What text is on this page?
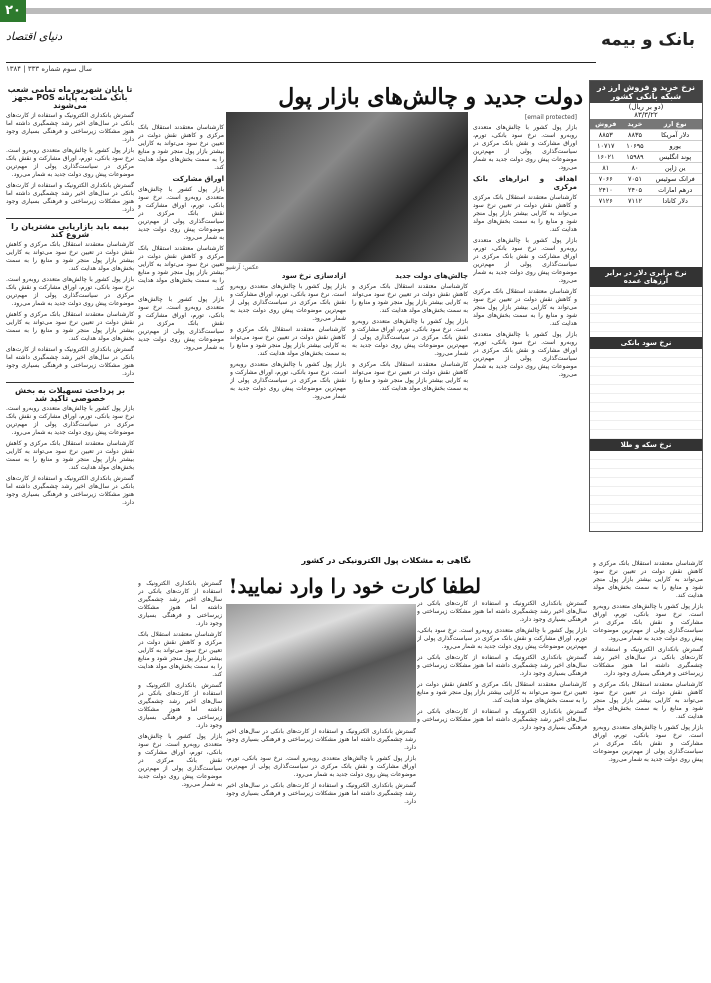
۲۰
بانک و بیمه
دنیای اقتصاد
سال سوم شماره ۳۳۳ | ۱۳۸۴
نرخ خرید و فروش ارز در شبکه بانکی کشور
(دو بر ریال)
۸۳/۳/۲۲
نوع ارز	خرید	فروش
دلار آمریکا	۸۸۳۵	۸۸۵۳
یورو	۱۰۶۹۵	۱۰۷۱۷
پوند انگلیس	۱۵۹۸۹	۱۶۰۲۱
ین ژاپن	۸۰	۸۱
فرانک سوئیس	۷۰۵۱	۷۰۶۶
درهم امارات	۲۴۰۵	۲۴۱۰
دلار کانادا	۷۱۱۲	۷۱۲۶
نرخ برابری دلار در برابر ارزهای عمده
نرخ سود بانکی
نرخ سکه و طلا
دولت جدید و چالش‌های بازار پول
عکس: آرشیو
[email protected]

بازار پول کشور با چالش‌های متعددی روبه‌رو است. نرخ سود بانکی، تورم، اوراق مشارکت و نقش بانک مرکزی در سیاست‌گذاری پولی از مهم‌ترین موضوعات پیش روی دولت جدید به شمار می‌رود.

اهداف و ابزارهای بانک مرکزی

کارشناسان معتقدند استقلال بانک مرکزی و کاهش نقش دولت در تعیین نرخ سود می‌تواند به کارایی بیشتر بازار پول منجر شود و منابع را به سمت بخش‌های مولد هدایت کند.

بازار پول کشور با چالش‌های متعددی روبه‌رو است. نرخ سود بانکی، تورم، اوراق مشارکت و نقش بانک مرکزی در سیاست‌گذاری پولی از مهم‌ترین موضوعات پیش روی دولت جدید به شمار می‌رود.

کارشناسان معتقدند استقلال بانک مرکزی و کاهش نقش دولت در تعیین نرخ سود می‌تواند به کارایی بیشتر بازار پول منجر شود و منابع را به سمت بخش‌های مولد هدایت کند.

بازار پول کشور با چالش‌های متعددی روبه‌رو است. نرخ سود بانکی، تورم، اوراق مشارکت و نقش بانک مرکزی در سیاست‌گذاری پولی از مهم‌ترین موضوعات پیش روی دولت جدید به شمار می‌رود.

کارشناسان معتقدند استقلال بانک مرکزی و کاهش نقش دولت در تعیین نرخ سود می‌تواند به کارایی بیشتر بازار پول منجر شود و منابع را به سمت بخش‌های مولد هدایت کند.

اوراق مشارکت

بازار پول کشور با چالش‌های متعددی روبه‌رو است. نرخ سود بانکی، تورم، اوراق مشارکت و نقش بانک مرکزی در سیاست‌گذاری پولی از مهم‌ترین موضوعات پیش روی دولت جدید به شمار می‌رود.

کارشناسان معتقدند استقلال بانک مرکزی و کاهش نقش دولت در تعیین نرخ سود می‌تواند به کارایی بیشتر بازار پول منجر شود و منابع را به سمت بخش‌های مولد هدایت کند.

بازار پول کشور با چالش‌های متعددی روبه‌رو است. نرخ سود بانکی، تورم، اوراق مشارکت و نقش بانک مرکزی در سیاست‌گذاری پولی از مهم‌ترین موضوعات پیش روی دولت جدید به شمار می‌رود.

آزادسازی نرخ سود

بازار پول کشور با چالش‌های متعددی روبه‌رو است. نرخ سود بانکی، تورم، اوراق مشارکت و نقش بانک مرکزی در سیاست‌گذاری پولی از مهم‌ترین موضوعات پیش روی دولت جدید به شمار می‌رود.

کارشناسان معتقدند استقلال بانک مرکزی و کاهش نقش دولت در تعیین نرخ سود می‌تواند به کارایی بیشتر بازار پول منجر شود و منابع را به سمت بخش‌های مولد هدایت کند.

بازار پول کشور با چالش‌های متعددی روبه‌رو است. نرخ سود بانکی، تورم، اوراق مشارکت و نقش بانک مرکزی در سیاست‌گذاری پولی از مهم‌ترین موضوعات پیش روی دولت جدید به شمار می‌رود.

چالش‌های دولت جدید

کارشناسان معتقدند استقلال بانک مرکزی و کاهش نقش دولت در تعیین نرخ سود می‌تواند به کارایی بیشتر بازار پول منجر شود و منابع را به سمت بخش‌های مولد هدایت کند.

بازار پول کشور با چالش‌های متعددی روبه‌رو است. نرخ سود بانکی، تورم، اوراق مشارکت و نقش بانک مرکزی در سیاست‌گذاری پولی از مهم‌ترین موضوعات پیش روی دولت جدید به شمار می‌رود.

کارشناسان معتقدند استقلال بانک مرکزی و کاهش نقش دولت در تعیین نرخ سود می‌تواند به کارایی بیشتر بازار پول منجر شود و منابع را به سمت بخش‌های مولد هدایت کند.

نگاهی به مشکلات پول الکترونیکی در کشور
لطفا کارت خود را وارد نمایید!

گسترش بانکداری الکترونیک و استفاده از کارت‌های بانکی در سال‌های اخیر رشد چشمگیری داشته اما هنوز مشکلات زیرساختی و فرهنگی بسیاری وجود دارد.

بازار پول کشور با چالش‌های متعددی روبه‌رو است. نرخ سود بانکی، تورم، اوراق مشارکت و نقش بانک مرکزی در سیاست‌گذاری پولی از مهم‌ترین موضوعات پیش روی دولت جدید به شمار می‌رود.

گسترش بانکداری الکترونیک و استفاده از کارت‌های بانکی در سال‌های اخیر رشد چشمگیری داشته اما هنوز مشکلات زیرساختی و فرهنگی بسیاری وجود دارد.

کارشناسان معتقدند استقلال بانک مرکزی و کاهش نقش دولت در تعیین نرخ سود می‌تواند به کارایی بیشتر بازار پول منجر شود و منابع را به سمت بخش‌های مولد هدایت کند.

گسترش بانکداری الکترونیک و استفاده از کارت‌های بانکی در سال‌های اخیر رشد چشمگیری داشته اما هنوز مشکلات زیرساختی و فرهنگی بسیاری وجود دارد.

گسترش بانکداری الکترونیک و استفاده از کارت‌های بانکی در سال‌های اخیر رشد چشمگیری داشته اما هنوز مشکلات زیرساختی و فرهنگی بسیاری وجود دارد.

کارشناسان معتقدند استقلال بانک مرکزی و کاهش نقش دولت در تعیین نرخ سود می‌تواند به کارایی بیشتر بازار پول منجر شود و منابع را به سمت بخش‌های مولد هدایت کند.

گسترش بانکداری الکترونیک و استفاده از کارت‌های بانکی در سال‌های اخیر رشد چشمگیری داشته اما هنوز مشکلات زیرساختی و فرهنگی بسیاری وجود دارد.

بازار پول کشور با چالش‌های متعددی روبه‌رو است. نرخ سود بانکی، تورم، اوراق مشارکت و نقش بانک مرکزی در سیاست‌گذاری پولی از مهم‌ترین موضوعات پیش روی دولت جدید به شمار می‌رود.

گسترش بانکداری الکترونیک و استفاده از کارت‌های بانکی در سال‌های اخیر رشد چشمگیری داشته اما هنوز مشکلات زیرساختی و فرهنگی بسیاری وجود دارد.

بازار پول کشور با چالش‌های متعددی روبه‌رو است. نرخ سود بانکی، تورم، اوراق مشارکت و نقش بانک مرکزی در سیاست‌گذاری پولی از مهم‌ترین موضوعات پیش روی دولت جدید به شمار می‌رود.

گسترش بانکداری الکترونیک و استفاده از کارت‌های بانکی در سال‌های اخیر رشد چشمگیری داشته اما هنوز مشکلات زیرساختی و فرهنگی بسیاری وجود دارد.

کارشناسان معتقدند استقلال بانک مرکزی و کاهش نقش دولت در تعیین نرخ سود می‌تواند به کارایی بیشتر بازار پول منجر شود و منابع را به سمت بخش‌های مولد هدایت کند.

بازار پول کشور با چالش‌های متعددی روبه‌رو است. نرخ سود بانکی، تورم، اوراق مشارکت و نقش بانک مرکزی در سیاست‌گذاری پولی از مهم‌ترین موضوعات پیش روی دولت جدید به شمار می‌رود.

گسترش بانکداری الکترونیک و استفاده از کارت‌های بانکی در سال‌های اخیر رشد چشمگیری داشته اما هنوز مشکلات زیرساختی و فرهنگی بسیاری وجود دارد.

کارشناسان معتقدند استقلال بانک مرکزی و کاهش نقش دولت در تعیین نرخ سود می‌تواند به کارایی بیشتر بازار پول منجر شود و منابع را به سمت بخش‌های مولد هدایت کند.

بازار پول کشور با چالش‌های متعددی روبه‌رو است. نرخ سود بانکی، تورم، اوراق مشارکت و نقش بانک مرکزی در سیاست‌گذاری پولی از مهم‌ترین موضوعات پیش روی دولت جدید به شمار می‌رود.

تا پایان شهریورماه تمامی شعب بانک ملت به پایانه POS مجهز می‌شوند

گسترش بانکداری الکترونیک و استفاده از کارت‌های بانکی در سال‌های اخیر رشد چشمگیری داشته اما هنوز مشکلات زیرساختی و فرهنگی بسیاری وجود دارد.

بازار پول کشور با چالش‌های متعددی روبه‌رو است. نرخ سود بانکی، تورم، اوراق مشارکت و نقش بانک مرکزی در سیاست‌گذاری پولی از مهم‌ترین موضوعات پیش روی دولت جدید به شمار می‌رود.

گسترش بانکداری الکترونیک و استفاده از کارت‌های بانکی در سال‌های اخیر رشد چشمگیری داشته اما هنوز مشکلات زیرساختی و فرهنگی بسیاری وجود دارد.

بیمه باید بازاریابی مشتریان را شروع کند

کارشناسان معتقدند استقلال بانک مرکزی و کاهش نقش دولت در تعیین نرخ سود می‌تواند به کارایی بیشتر بازار پول منجر شود و منابع را به سمت بخش‌های مولد هدایت کند.

بازار پول کشور با چالش‌های متعددی روبه‌رو است. نرخ سود بانکی، تورم، اوراق مشارکت و نقش بانک مرکزی در سیاست‌گذاری پولی از مهم‌ترین موضوعات پیش روی دولت جدید به شمار می‌رود.

کارشناسان معتقدند استقلال بانک مرکزی و کاهش نقش دولت در تعیین نرخ سود می‌تواند به کارایی بیشتر بازار پول منجر شود و منابع را به سمت بخش‌های مولد هدایت کند.

گسترش بانکداری الکترونیک و استفاده از کارت‌های بانکی در سال‌های اخیر رشد چشمگیری داشته اما هنوز مشکلات زیرساختی و فرهنگی بسیاری وجود دارد.

بر پرداخت تسهیلات به بخش خصوصی تاکید شد

بازار پول کشور با چالش‌های متعددی روبه‌رو است. نرخ سود بانکی، تورم، اوراق مشارکت و نقش بانک مرکزی در سیاست‌گذاری پولی از مهم‌ترین موضوعات پیش روی دولت جدید به شمار می‌رود.

کارشناسان معتقدند استقلال بانک مرکزی و کاهش نقش دولت در تعیین نرخ سود می‌تواند به کارایی بیشتر بازار پول منجر شود و منابع را به سمت بخش‌های مولد هدایت کند.

گسترش بانکداری الکترونیک و استفاده از کارت‌های بانکی در سال‌های اخیر رشد چشمگیری داشته اما هنوز مشکلات زیرساختی و فرهنگی بسیاری وجود دارد.
